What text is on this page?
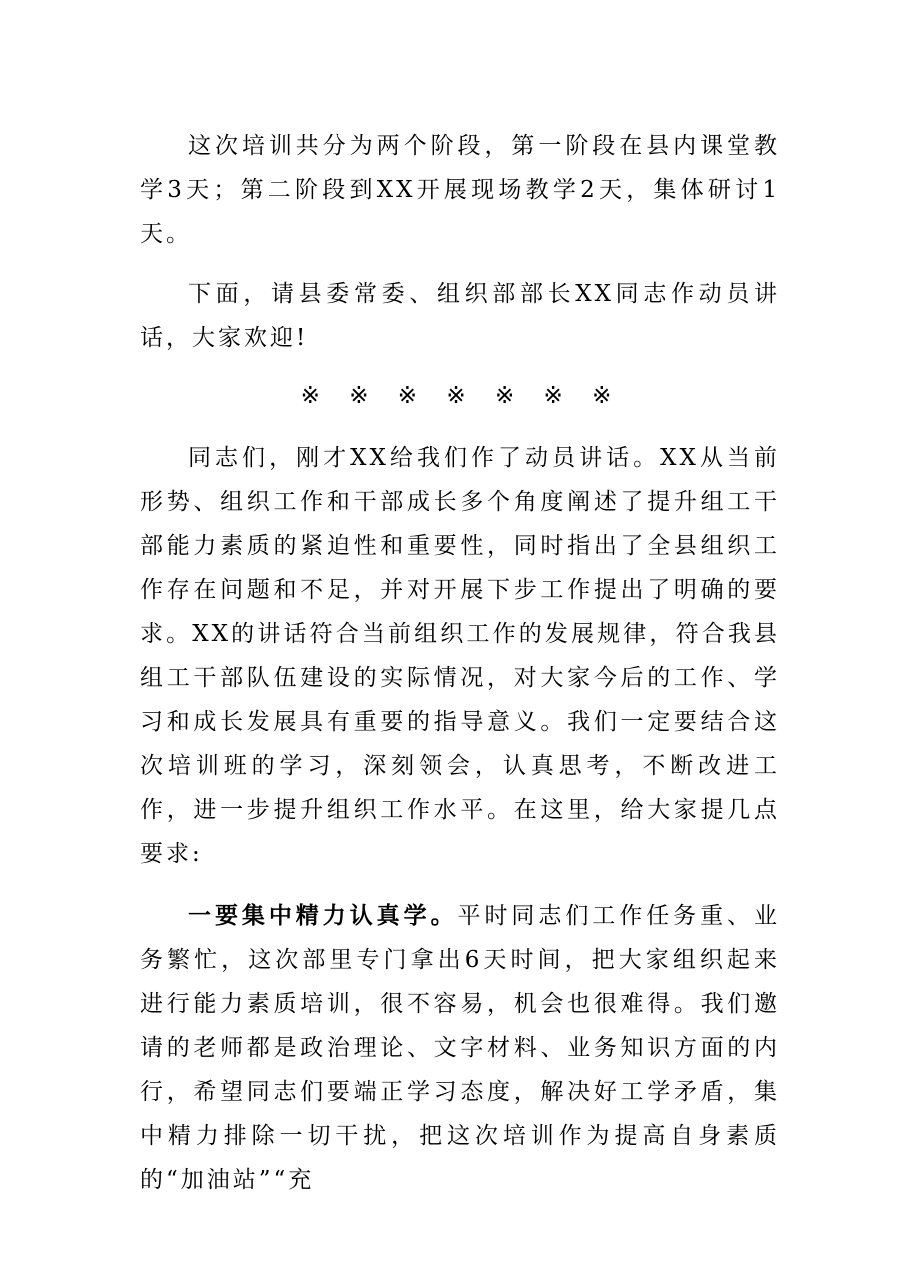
这次培训共分为两个阶段，第一阶段在县内课堂教学3天；第二阶段到XX开展现场教学2天，集体研讨1天。

下面，请县委常委、组织部部长XX同志作动员讲话，大家欢迎!

※ ※ ※ ※ ※ ※ ※

同志们，刚才XX给我们作了动员讲话。XX从当前形势、组织工作和干部成长多个角度阐述了提升组工干部能力素质的紧迫性和重要性，同时指出了全县组织工作存在问题和不足，并对开展下步工作提出了明确的要求。XX的讲话符合当前组织工作的发展规律，符合我县组工干部队伍建设的实际情况，对大家今后的工作、学习和成长发展具有重要的指导意义。我们一定要结合这次培训班的学习，深刻领会，认真思考，不断改进工作，进一步提升组织工作水平。在这里，给大家提几点要求:

一要集中精力认真学。平时同志们工作任务重、业务繁忙，这次部里专门拿出6天时间，把大家组织起来进行能力素质培训，很不容易，机会也很难得。我们邀请的老师都是政治理论、文字材料、业务知识方面的内行，希望同志们要端正学习态度，解决好工学矛盾，集中精力排除一切干扰，把这次培训作为提高自身素质的“加油站”“充
